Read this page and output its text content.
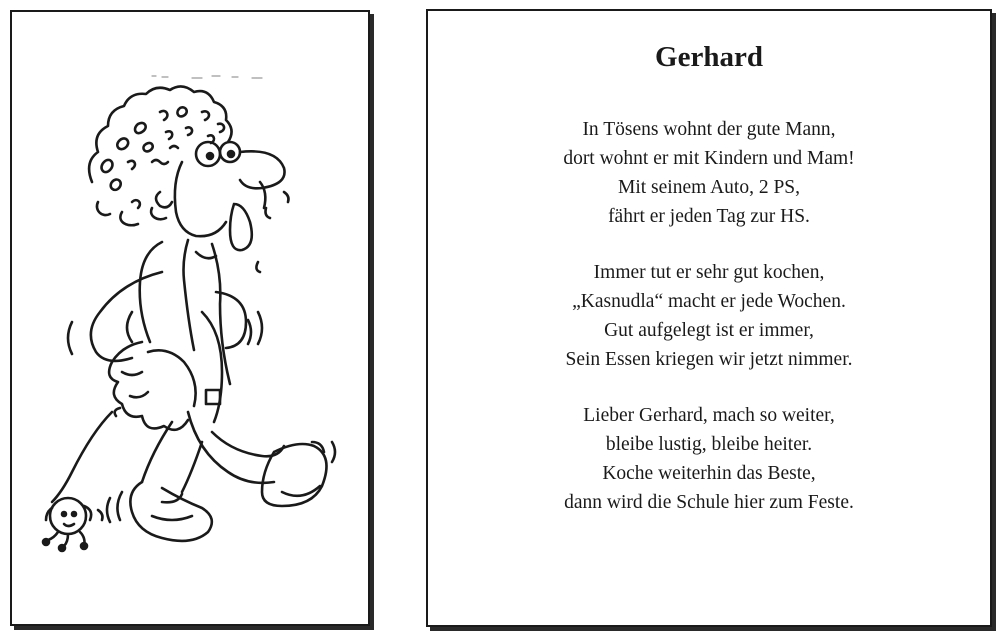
Gerhard
In Tösens wohnt der gute Mann,
dort wohnt er mit Kindern und Mam!
Mit seinem Auto, 2 PS,
fährt er jeden Tag zur HS.
Immer tut er sehr gut kochen,
„Kasnudla“ macht er jede Wochen.
Gut aufgelegt ist er immer,
Sein Essen kriegen wir jetzt nimmer.
Lieber Gerhard, mach so weiter,
bleibe lustig, bleibe heiter.
Koche weiterhin das Beste,
dann wird die Schule hier zum Feste.
